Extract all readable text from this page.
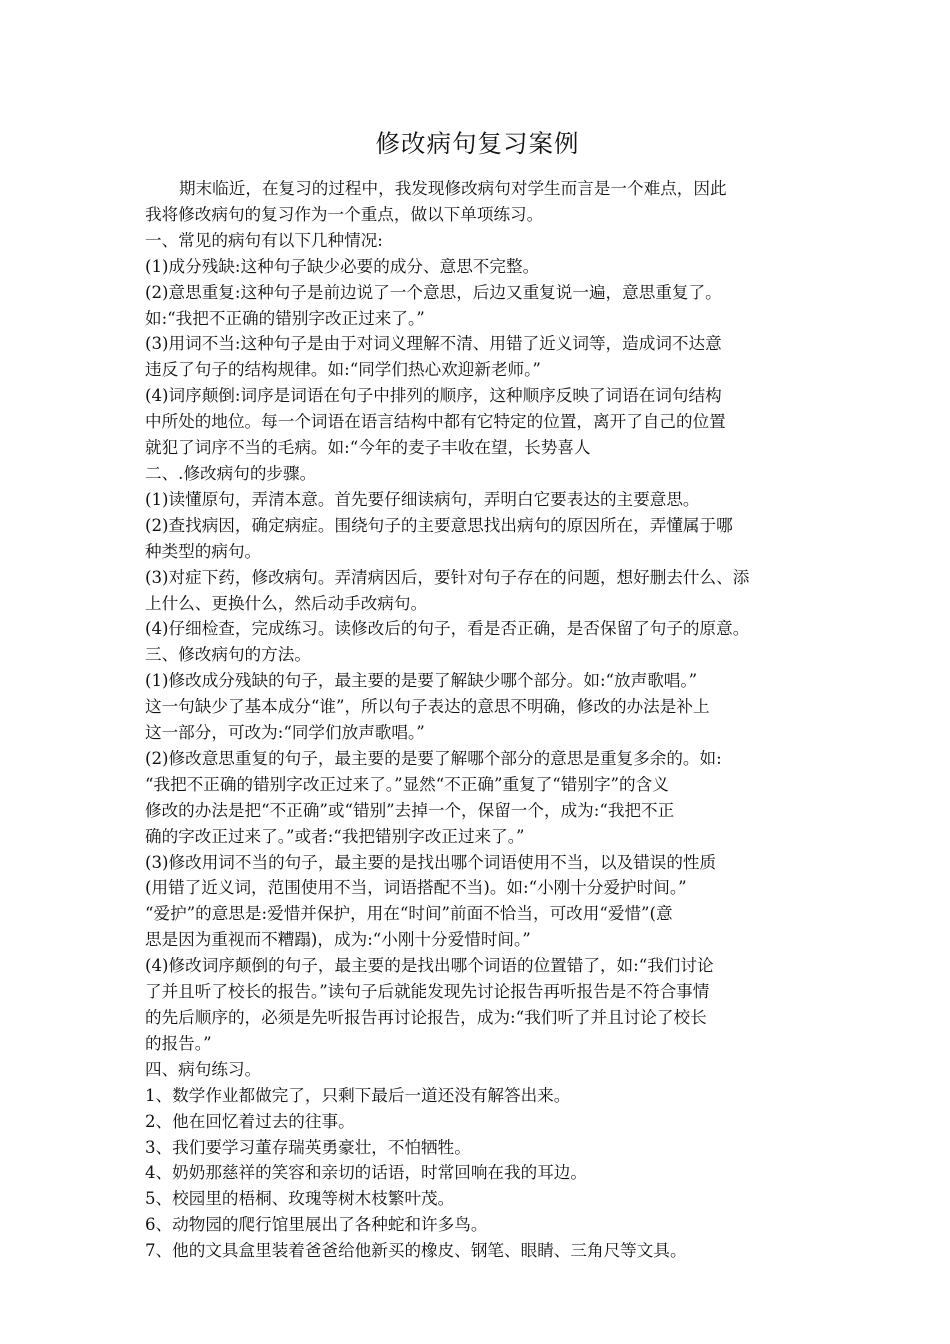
修改病句复习案例
期末临近，在复习的过程中，我发现修改病句对学生而言是一个难点，因此
我将修改病句的复习作为一个重点，做以下单项练习。
一、常见的病句有以下几种情况:
(1)成分残缺:这种句子缺少必要的成分、意思不完整。
(2)意思重复:这种句子是前边说了一个意思，后边又重复说一遍，意思重复了。
如:“我把不正确的错别字改正过来了。”
(3)用词不当:这种句子是由于对词义理解不清、用错了近义词等，造成词不达意
违反了句子的结构规律。如:“同学们热心欢迎新老师。”
(4)词序颠倒:词序是词语在句子中排列的顺序，这种顺序反映了词语在词句结构
中所处的地位。每一个词语在语言结构中都有它特定的位置，离开了自己的位置
就犯了词序不当的毛病。如:“今年的麦子丰收在望，长势喜人
二、.修改病句的步骤。
(1)读懂原句，弄清本意。首先要仔细读病句，弄明白它要表达的主要意思。
(2)查找病因，确定病症。围绕句子的主要意思找出病句的原因所在，弄懂属于哪
种类型的病句。
(3)对症下药，修改病句。弄清病因后，要针对句子存在的问题，想好删去什么、添
上什么、更换什么，然后动手改病句。
(4)仔细检查，完成练习。读修改后的句子，看是否正确，是否保留了句子的原意。
三、修改病句的方法。
(1)修改成分残缺的句子，最主要的是要了解缺少哪个部分。如:“放声歌唱。”
这一句缺少了基本成分“谁”，所以句子表达的意思不明确，修改的办法是补上
这一部分，可改为:“同学们放声歌唱。”
(2)修改意思重复的句子，最主要的是要了解哪个部分的意思是重复多余的。如:
“我把不正确的错别字改正过来了。”显然“不正确”重复了“错别字”的含义
修改的办法是把“不正确”或“错别”去掉一个，保留一个，成为:“我把不正
确的字改正过来了。”或者:“我把错别字改正过来了。”
(3)修改用词不当的句子，最主要的是找出哪个词语使用不当，以及错误的性质
(用错了近义词，范围使用不当，词语搭配不当)。如:“小刚十分爱护时间。”
“爱护”的意思是:爱惜并保护，用在“时间”前面不恰当，可改用“爱惜”(意
思是因为重视而不糟蹋)，成为:“小刚十分爱惜时间。”
(4)修改词序颠倒的句子，最主要的是找出哪个词语的位置错了，如:“我们讨论
了并且听了校长的报告。”读句子后就能发现先讨论报告再听报告是不符合事情
的先后顺序的，必须是先听报告再讨论报告，成为:“我们听了并且讨论了校长
的报告。”
四、病句练习。
1、数学作业都做完了，只剩下最后一道还没有解答出来。
2、他在回忆着过去的往事。
3、我们要学习董存瑞英勇豪壮，不怕牺牲。
4、奶奶那慈祥的笑容和亲切的话语，时常回响在我的耳边。
5、校园里的梧桐、玫瑰等树木枝繁叶茂。
6、动物园的爬行馆里展出了各种蛇和许多鸟。
7、他的文具盒里装着爸爸给他新买的橡皮、钢笔、眼睛、三角尺等文具。
